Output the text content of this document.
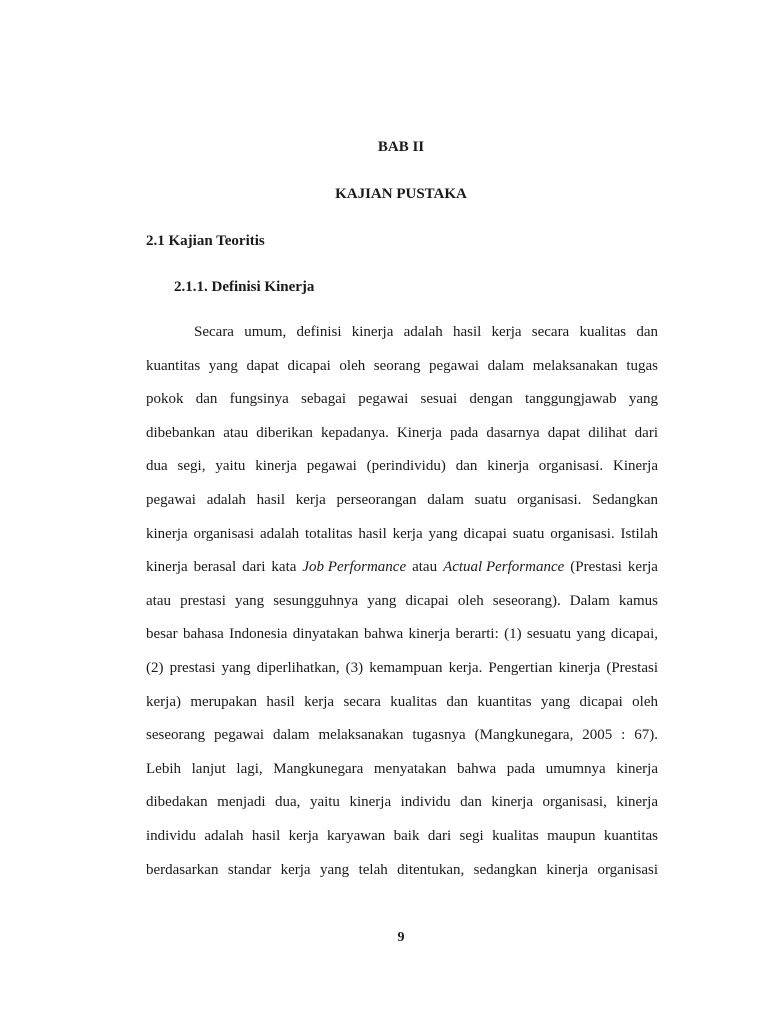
BAB II
KAJIAN PUSTAKA
2.1 Kajian Teoritis
2.1.1. Definisi Kinerja
Secara umum, definisi kinerja adalah hasil kerja secara kualitas dan
kuantitas yang dapat dicapai oleh seorang pegawai dalam melaksanakan tugas
pokok dan fungsinya sebagai pegawai sesuai dengan tanggungjawab yang
dibebankan atau diberikan kepadanya. Kinerja pada dasarnya dapat dilihat dari
dua segi, yaitu kinerja pegawai (perindividu) dan kinerja organisasi. Kinerja
pegawai adalah hasil kerja perseorangan dalam suatu organisasi. Sedangkan
kinerja organisasi adalah totalitas hasil kerja yang dicapai suatu organisasi. Istilah
kinerja berasal dari kata Job Performance atau Actual Performance (Prestasi kerja
atau prestasi yang sesungguhnya yang dicapai oleh seseorang). Dalam kamus
besar bahasa Indonesia dinyatakan bahwa kinerja berarti: (1) sesuatu yang dicapai,
(2) prestasi yang diperlihatkan, (3) kemampuan kerja. Pengertian kinerja (Prestasi
kerja) merupakan hasil kerja secara kualitas dan kuantitas yang dicapai oleh
seseorang pegawai dalam melaksanakan tugasnya (Mangkunegara, 2005 : 67).
Lebih lanjut lagi, Mangkunegara menyatakan bahwa pada umumnya kinerja
dibedakan menjadi dua, yaitu kinerja individu dan kinerja organisasi, kinerja
individu adalah hasil kerja karyawan baik dari segi kualitas maupun kuantitas
berdasarkan standar kerja yang telah ditentukan, sedangkan kinerja organisasi
9
